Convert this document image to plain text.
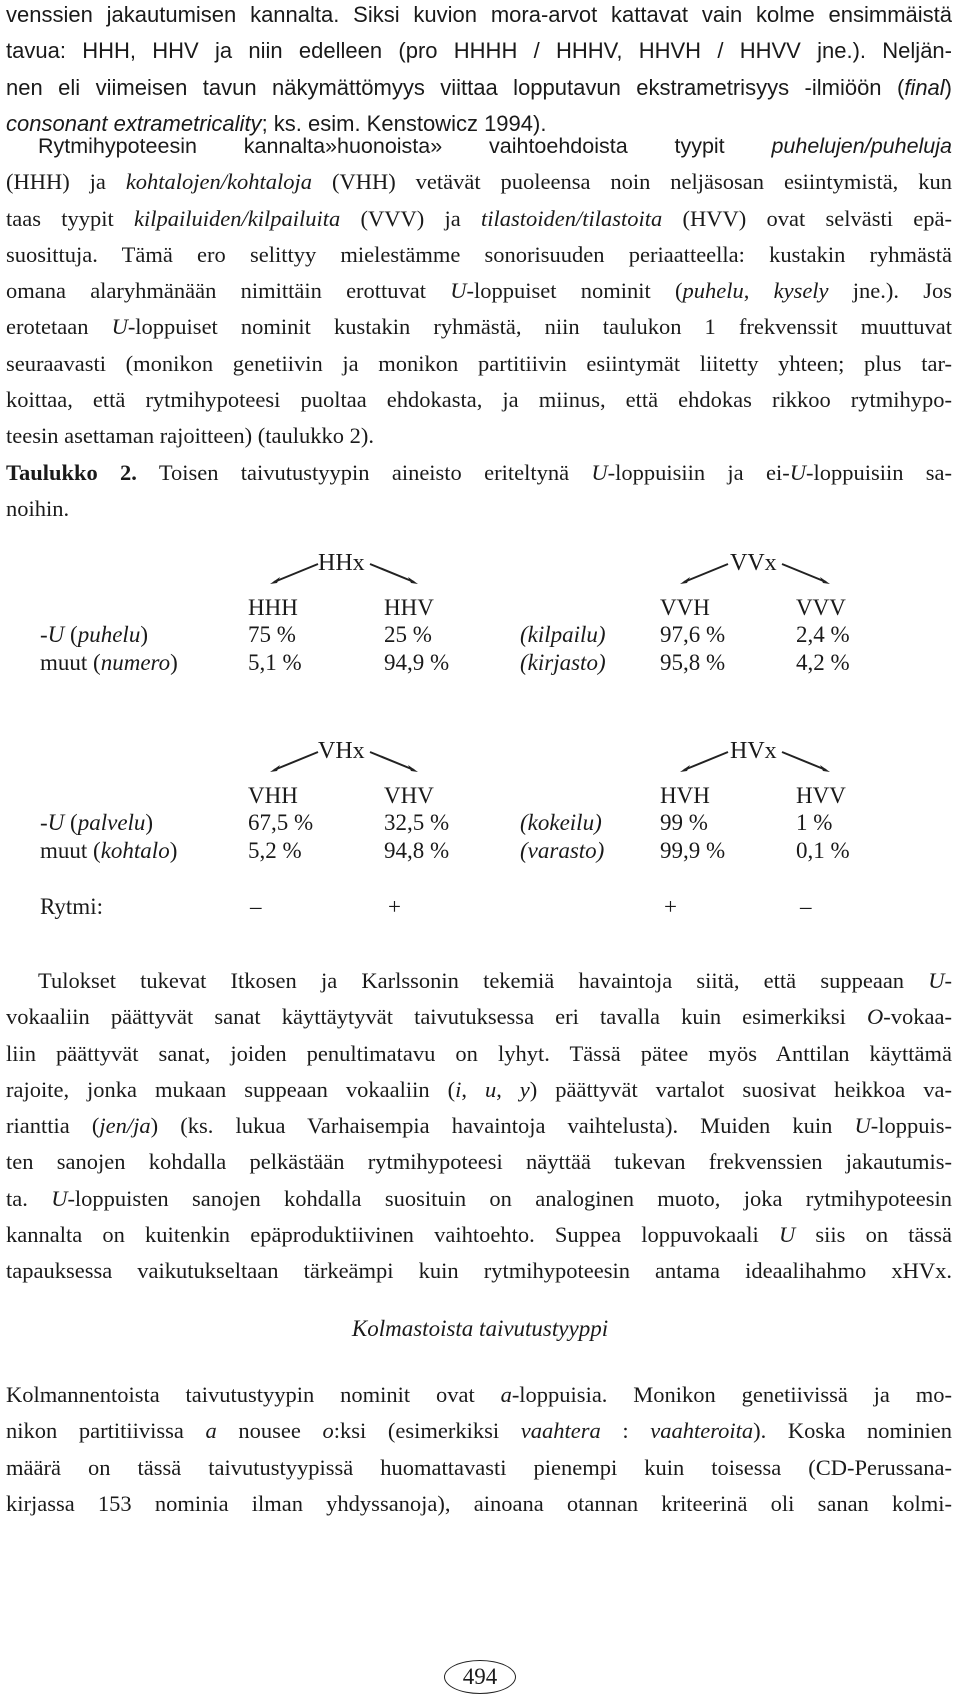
venssien jakautumisen kannalta. Siksi kuvion mora-arvot kattavat vain kolme ensimmäistä
tavua: HHH, HHV ja niin edelleen (pro HHHH / HHHV, HHVH / HHVV jne.). Neljän-
nen eli viimeisen tavun näkymättömyys viittaa lopputavun ekstrametrisyys -ilmiöön (final)
consonant extrametricality; ks. esim. Kenstowicz 1994).
Rytmihypoteesin kannalta»huonoista» vaihtoehdoista tyypit puhelujen/puheluja
(HHH) ja kohtalojen/kohtaloja (VHH) vetävät puoleensa noin neljäsosan esiintymistä, kun
taas tyypit kilpailuiden/kilpailuita (VVV) ja tilastoiden/tilastoita (HVV) ovat selvästi epä-
suosittuja. Tämä ero selittyy mielestämme sonorisuuden periaatteella: kustakin ryhmästä
omana alaryhmänään nimittäin erottuvat U-loppuiset nominit (puhelu, kysely jne.). Jos
erotetaan U-loppuiset nominit kustakin ryhmästä, niin taulukon 1 frekvenssit muuttuvat
seuraavasti (monikon genetiivin ja monikon partitiivin esiintymät liitetty yhteen; plus tar-
koittaa, että rytmihypoteesi puoltaa ehdokasta, ja miinus, että ehdokas rikkoo rytmihypo-
teesin asettaman rajoitteen) (taulukko 2).
Taulukko 2. Toisen taivutustyypin aineisto eriteltynä U-loppuisiin ja ei-U-loppuisiin sa-
noihin.
HHx
HHH	HHV
-U (puhelu)	75 %	25 %
muut (numero)	5,1 %	94,9 %
VVx
VVH	VVV
(kilpailu) 97,6 %	2,4 %
(kirjasto) 95,8 %	4,2 %
VHx
VHH	VHV
-U (palvelu)	67,5 %	32,5 %
muut (kohtalo)	5,2 %	94,8 %
HVx
HVH	HVV
(kokeilu)	99 %	1 %
(varasto) 99,9 %	0,1 %
Rytmi:	–	+	+	–
Tulokset tukevat Itkosen ja Karlssonin tekemiä havaintoja siitä, että suppeaan U-
vokaaliin päättyvät sanat käyttäytyvät taivutuksessa eri tavalla kuin esimerkiksi O-vokaa-
liin päättyvät sanat, joiden penultimatavu on lyhyt. Tässä pätee myös Anttilan käyttämä
rajoite, jonka mukaan suppeaan vokaaliin (i, u, y) päättyvät vartalot suosivat heikkoa va-
rianttia (jen/ja) (ks. lukua Varhaisempia havaintoja vaihtelusta). Muiden kuin U-loppuis-
ten sanojen kohdalla pelkästään rytmihypoteesi näyttää tukevan frekvenssien jakautumis-
ta. U-loppuisten sanojen kohdalla suosituin on analoginen muoto, joka rytmihypoteesin
kannalta on kuitenkin epäproduktiivinen vaihtoehto. Suppea loppuvokaali U siis on tässä
tapauksessa vaikutukseltaan tärkeämpi kuin rytmihypoteesin antama ideaalihahmo xHVx.
Kolmastoista taivutustyyppi
Kolmannentoista taivutustyypin nominit ovat a-loppuisia. Monikon genetiivissä ja mo-
nikon partitiivissa a nousee o:ksi (esimerkiksi vaahtera : vaahteroita). Koska nominien
määrä on tässä taivutustyypissä huomattavasti pienempi kuin toisessa (CD-Perussana-
kirjassa 153 nominia ilman yhdyssanoja), ainoana otannan kriteerinä oli sanan kolmi-
494
